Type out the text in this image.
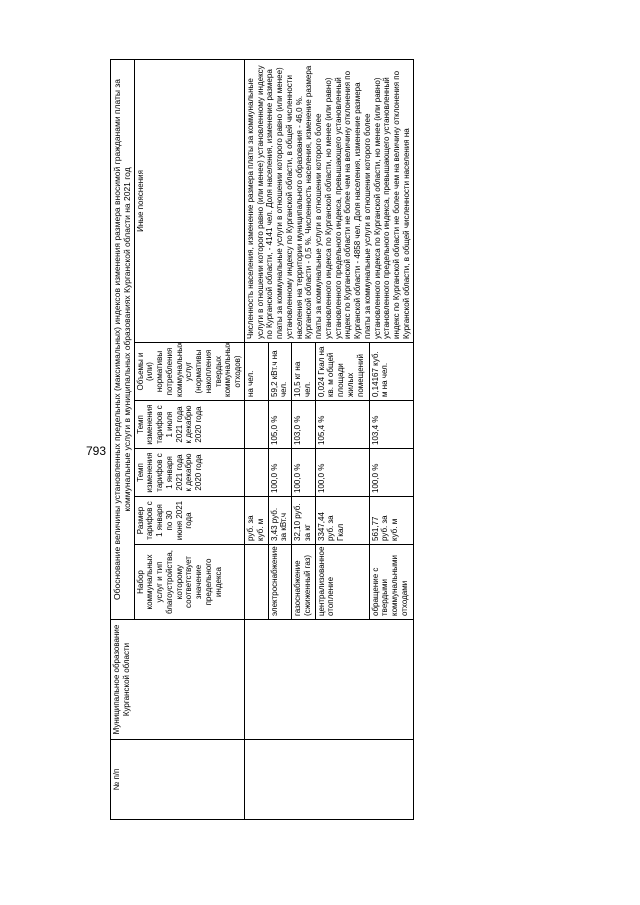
793
№ п/п	Муниципальное образование Курганской области	Обоснование величины установленных предельных (максимальных) индексов изменения размера вносимой гражданами платы за коммунальные услуги в муниципальных образованиях Курганской области на 2021 год					
		Набор коммунальных услуг и тип благоустройства, которому соответствует значение предельного индекса	Размер тарифов с 1 января по 30 июня 2021 года	Темп изменения тарифов с 1 января 2021 года к декабрю 2020 года	Темп изменения тарифов с 1 июля 2021 года к декабрю 2020 года	Объемы и (или) нормативы потребления коммунальных услуг (нормативы накопления твердых коммунальных отходов)	Иные пояснения
			руб. за куб. м			на чел.	Численность населения, изменение размера платы за коммунальные услуги в отношении которого равно (или менее) установленному индексу по Курганской области, - 4141 чел. Доля населения, изменение размера платы за коммунальные услуги в отношении которого равно (или менее) установленному индексу по Курганской области, в общей численности населения на территории муниципального образования - 46,0 %. Курганской области - 0,5 %. Численность населения, изменение размера платы за коммунальные услуги в отношении которого более установленного индекса по Курганской области, но менее (или равно) установленного предельного индекса, превышающего установленный индекс по Курганской области не более чем на величину отклонения по Курганской области - 4858 чел. Доля населения, изменение размера платы за коммунальные услуги в отношении которого более установленного индекса по Курганской области, но менее (или равно) установленного предельного индекса, превышающего установленный индекс по Курганской области не более чем на величину отклонения по Курганской области, в общей численности населения на
		электроснабжение	3,43 руб. за кВт.ч	100,0 %	105,0 %	59,2 кВт.ч на чел.	
		газоснабжение (сжиженный газ)	32,10 руб. за кг	100,0 %	103,0 %	10,5 кг на чел.	
		централизованное отопление	3347,44 руб. за Гкал	100,0 %	105,4 %	0,024 Гкал на кв. м общей площади жилых помещений	
		обращение с твердыми коммунальными отходами	561,77 руб. за куб. м	100,0 %	103,4 %	0,14167 куб. м на чел.	
